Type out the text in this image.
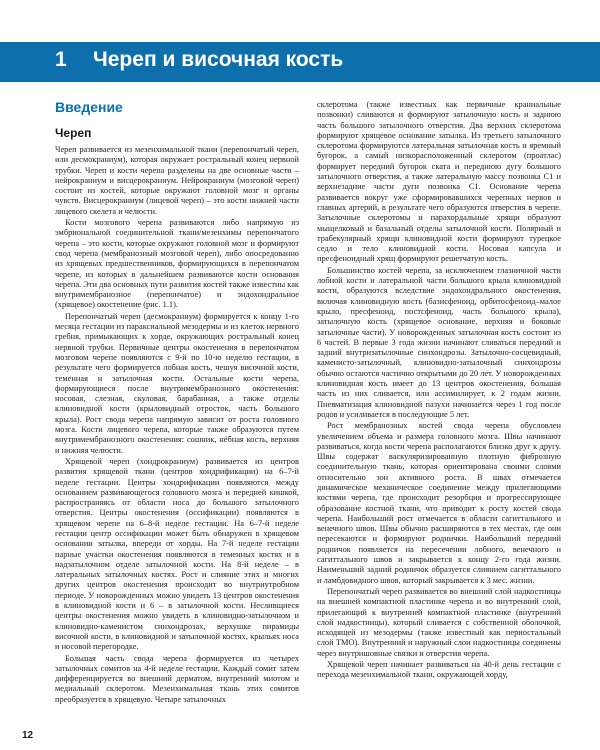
1 Череп и височная кость
Введение
Череп

Череп развивается из мезенхимальной ткани (перепончатый череп, или десмокраниум), которая окружает ростральный конец нервной трубки. Череп и кости черепа разделены на две основные части – нейрокраниум и висцерокраниум. Нейрокраниум (мозговой череп) состоит из костей, которые окружают головной мозг и органы чувств. Висцерокраниум (лицевой череп) – это кости нижней части лицевого скелета и челюсти.

Кости мозгового черепа развиваются либо напрямую из эмбриональной соединительной ткани/мезенхимы перепончатого черепа – это кости, которые окружают головной мозг и формируют свод черепа (мембранозный мозговой череп), либо опосредованно из хрящевых предшественников, формирующихся в перепончатом черепе, из которых в дальнейшем развиваются кости основания черепа. Эти два основных пути развития костей также известны как внутримембранозное (перепончатое) и эндохондральное (хрящевое) окостенение (рис. 1.1).

Перепончатый череп (десмокраниум) формируется к концу 1-го месяца гестации из параксиальной мезодермы и из клеток нервного гребня, примыкающих к хорде, окружающих ростральный конец нервной трубки. Первичные центры окостенения в перепончатом мозговом черепе появляются с 9-й по 10-ю неделю гестации, в результате чего формируется лобная кость, чешуя височной кости, теменная и затылочная кости. Остальные кости черепа, формирующиеся после внутримембранозного окостенения: носовая, слезная, скуловая, барабанная, а также отделы клиновидной кости (крыловидный отросток, часть большого крыла). Рост свода черепа напрямую зависит от роста головного мозга. Кости лицевого черепа, которые также образуются путем внутримембранозного окостенения: сошник, нёбная кость, верхняя и нижняя челюсти.

Хрящевой череп (хондрокраниум) развивается из центров развития хрящевой ткани (центров хондрификации) на 6–7-й неделе гестации. Центры хондрификации появляются между основанием развивающегося головного мозга и передней кишкой, распространяясь от области носа до большого затылочного отверстия. Центры окостенения (оссификации) появляются в хрящевом черепе на 6–8-й неделе гестации. На 6–7-й неделе гестации центр оссификации может быть обнаружен в хрящевом основании затылка, впереди от хорды. На 7-й неделе гестации парные участки окостенения появляются в теменных костях и в надзатылочном отделе затылочной кости. На 8-й неделе – в латеральных затылочных костях. Рост и слияние этих и многих других центров окостенения происходит во внутриутробном периоде. У новорожденных можно увидеть 13 центров окостенения в клиновидной кости и 6 – в затылочной кости. Несливщиеся центры окостенения можно увидеть в клиновидно-затылочном и клиновидно-каменистом синхондрозах, верхушке пирамиды височной кости, в клиновидной и затылочной костях, крыльях носа и носовой перегородке.

Большая часть свода черепа формируется из четырех затылочных сомитов на 4-й неделе гестации. Каждый сомит затем дифференцируется во внешний дерматом, внутренний миотом и медиальный склеротом. Мезенхимальная ткань этих сомитов преобразуется в хрящевую. Четыре затылочных

склеротома (также известных как первичные краниальные позвонки) сливаются и формируют затылочную кость и заднюю часть большого затылочного отверстия. Два верхних склеротома формируют хрящевое основание затылка. Из третьего затылочного склеротома формируются латеральная затылочная кость и яремный бугорок, а самый низкорасположенный склеротом (проатлас) формирует передний бугорок ската и переднюю дугу большого затылочного отверстия, а также латеральную массу позвонка С1 и верхнезадние части дуги позвонка С1. Основание черепа развивается вокруг уже сформировавшихся черепных нервов и главных артерий, в результате чего образуются отверстия в черепе. Затылочные склеротомы и парахордальные хрящи образуют мыщелковый и базальный отделы затылочной кости. Полярный и трабекулярный хрящи клиновидной кости формируют турецкое седло и тело клиновидной кости. Носовая капсула и пресфеноидный хрящ формируют решетчатую кость.

Большинство костей черепа, за исключением глазничной части лобной кости и латеральной части большого крыла клиновидной кости, образуются вследствие эндохондрального окостенения, включая клиновидную кость (базисфеноид, орбитосфеноид–малое крыло, пресфеноид, постсфеноид, часть большого крыла), затылочную кость (хрящевое основание, верхняя и боковые затылочные части). У новорожденных затылочная кость состоит из 6 частей. В первые 3 года жизни начинают сливаться передний и задний внутризатылочные синхондрозы. Затылочно-сосцевидный, каменисто-затылочный, клиновидно-затылочный синхондрозы обычно остаются частично открытыми до 20 лет. У новорожденных клиновидная кость имеет до 13 центров окостенения, большая часть из них сливается, или ассимилирует, к 2 годам жизни. Пневматизация клиновидной пазухи начинается через 1 год после родов и усиливается в последующие 5 лет.

Рост мембранозных костей свода черепа обусловлен увеличением объема и размера головного мозга. Швы начинают развиваться, когда кости черепа располагаются близко друг к другу. Швы содержат васкуляризированную плотную фиброзную соединительную ткань, которая ориентирована своими слоями относительно зон активного роста. В швах отмечается динамическое механическое соединение между прилегающими костями черепа, где происходит резорбция и прогрессирующее образование костной ткани, что приводит к росту костей свода черепа. Наибольший рост отмечается в области сагиттального и венечного швов. Швы обычно расширяются в тех местах, где они пересекаются и формируют роднички. Наибольший передний родничок появляется на пересечении лобного, венечного и сагиттального швов и закрывается к концу 2-го года жизни. Наименьший задний родничок образуется слиянием сагиттального и ламбдовидного швов, который закрывается к 3 мес. жизни.

Перепончатый череп развивается во внешний слой надкостницы на внешней компактной пластинке черепа и во внутренний слой, прилегающий к внутренней компактной пластинке (внутренний слой надкостницы), который сливается с собственной оболочкой, исходящей из мезодермы (также известный как периостальный слой ТМО). Внутренний и наружный слои надкостницы соединены через внутришовные связки и отверстия черепа.

Хрящевой череп начинает развиваться на 40-й день гестации с перехода мезенхимальной ткани, окружающей хорду,

12
